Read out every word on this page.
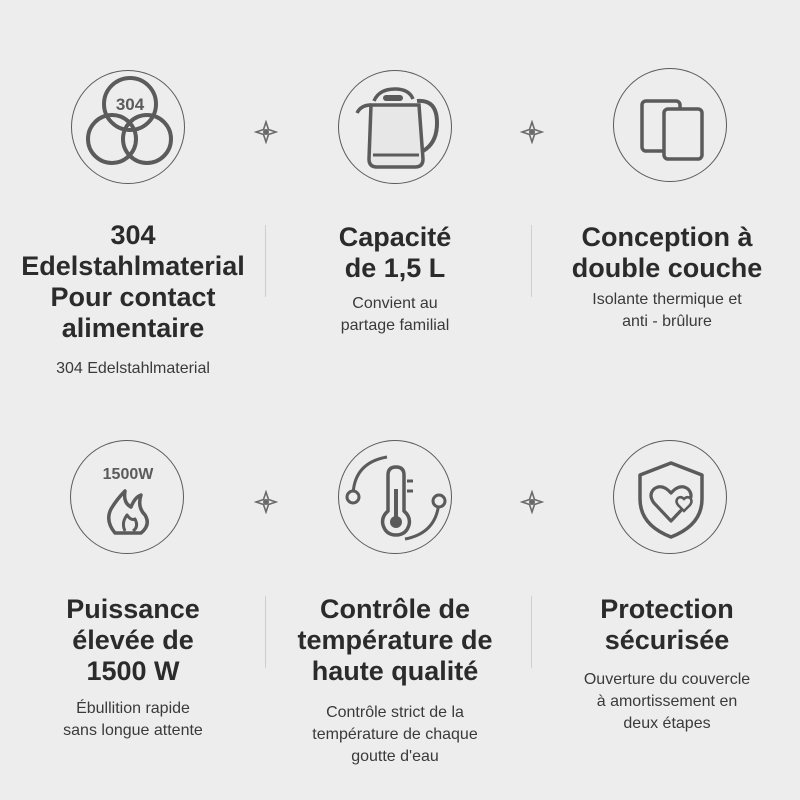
304
304
Edelstahlmaterial
Pour contact
alimentaire
304 Edelstahlmaterial
Capacité
de 1,5 L
Convient au
partage familial
Conception à
double couche
Isolante thermique et
anti - brûlure
1500W
Puissance
élevée de
1500 W
Ébullition rapide
sans longue attente
Contrôle de
température de
haute qualité
Contrôle strict de la
température de chaque
goutte d'eau
Protection
sécurisée
Ouverture du couvercle
à amortissement en
deux étapes
